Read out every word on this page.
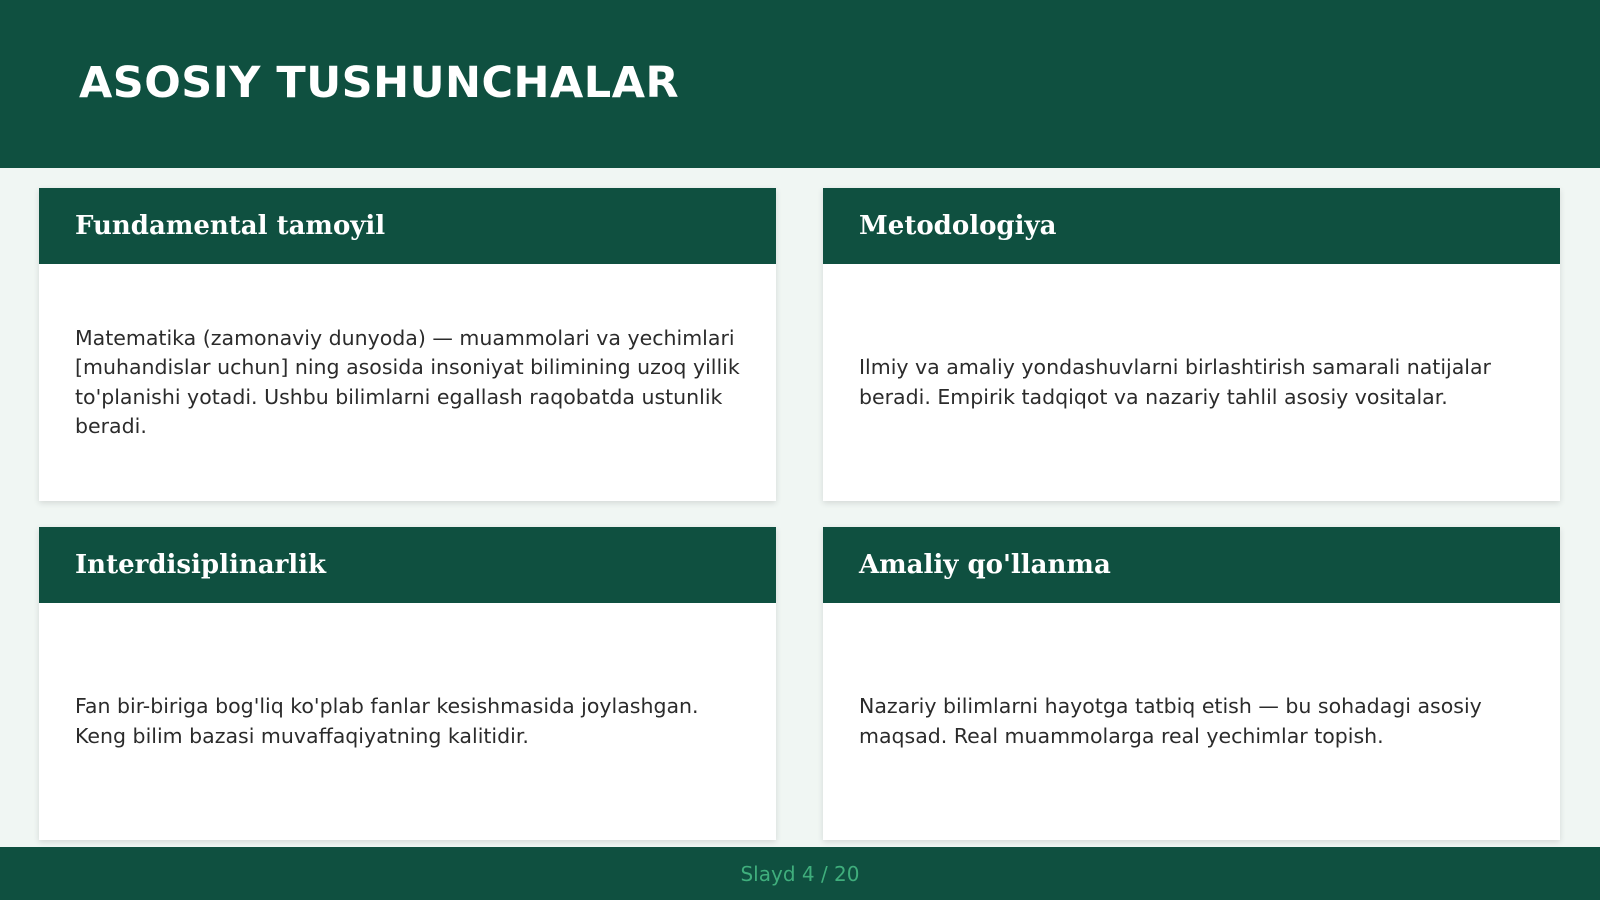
ASOSIY TUSHUNCHALAR
Fundamental tamoyil

Matematika (zamonaviy dunyoda) — muammolari va yechimlari [muhandislar uchun] ning asosida insoniyat bilimining uzoq yillik to'planishi yotadi. Ushbu bilimlarni egallash raqobatda ustunlik beradi.

Metodologiya

Ilmiy va amaliy yondashuvlarni birlashtirish samarali natijalar beradi. Empirik tadqiqot va nazariy tahlil asosiy vositalar.

Interdisiplinarlik

Fan bir-biriga bog'liq ko'plab fanlar kesishmasida joylashgan. Keng bilim bazasi muvaffaqiyatning kalitidir.

Amaliy qo'llanma

Nazariy bilimlarni hayotga tatbiq etish — bu sohadagi asosiy maqsad. Real muammolarga real yechimlar topish.

Slayd 4 / 20
